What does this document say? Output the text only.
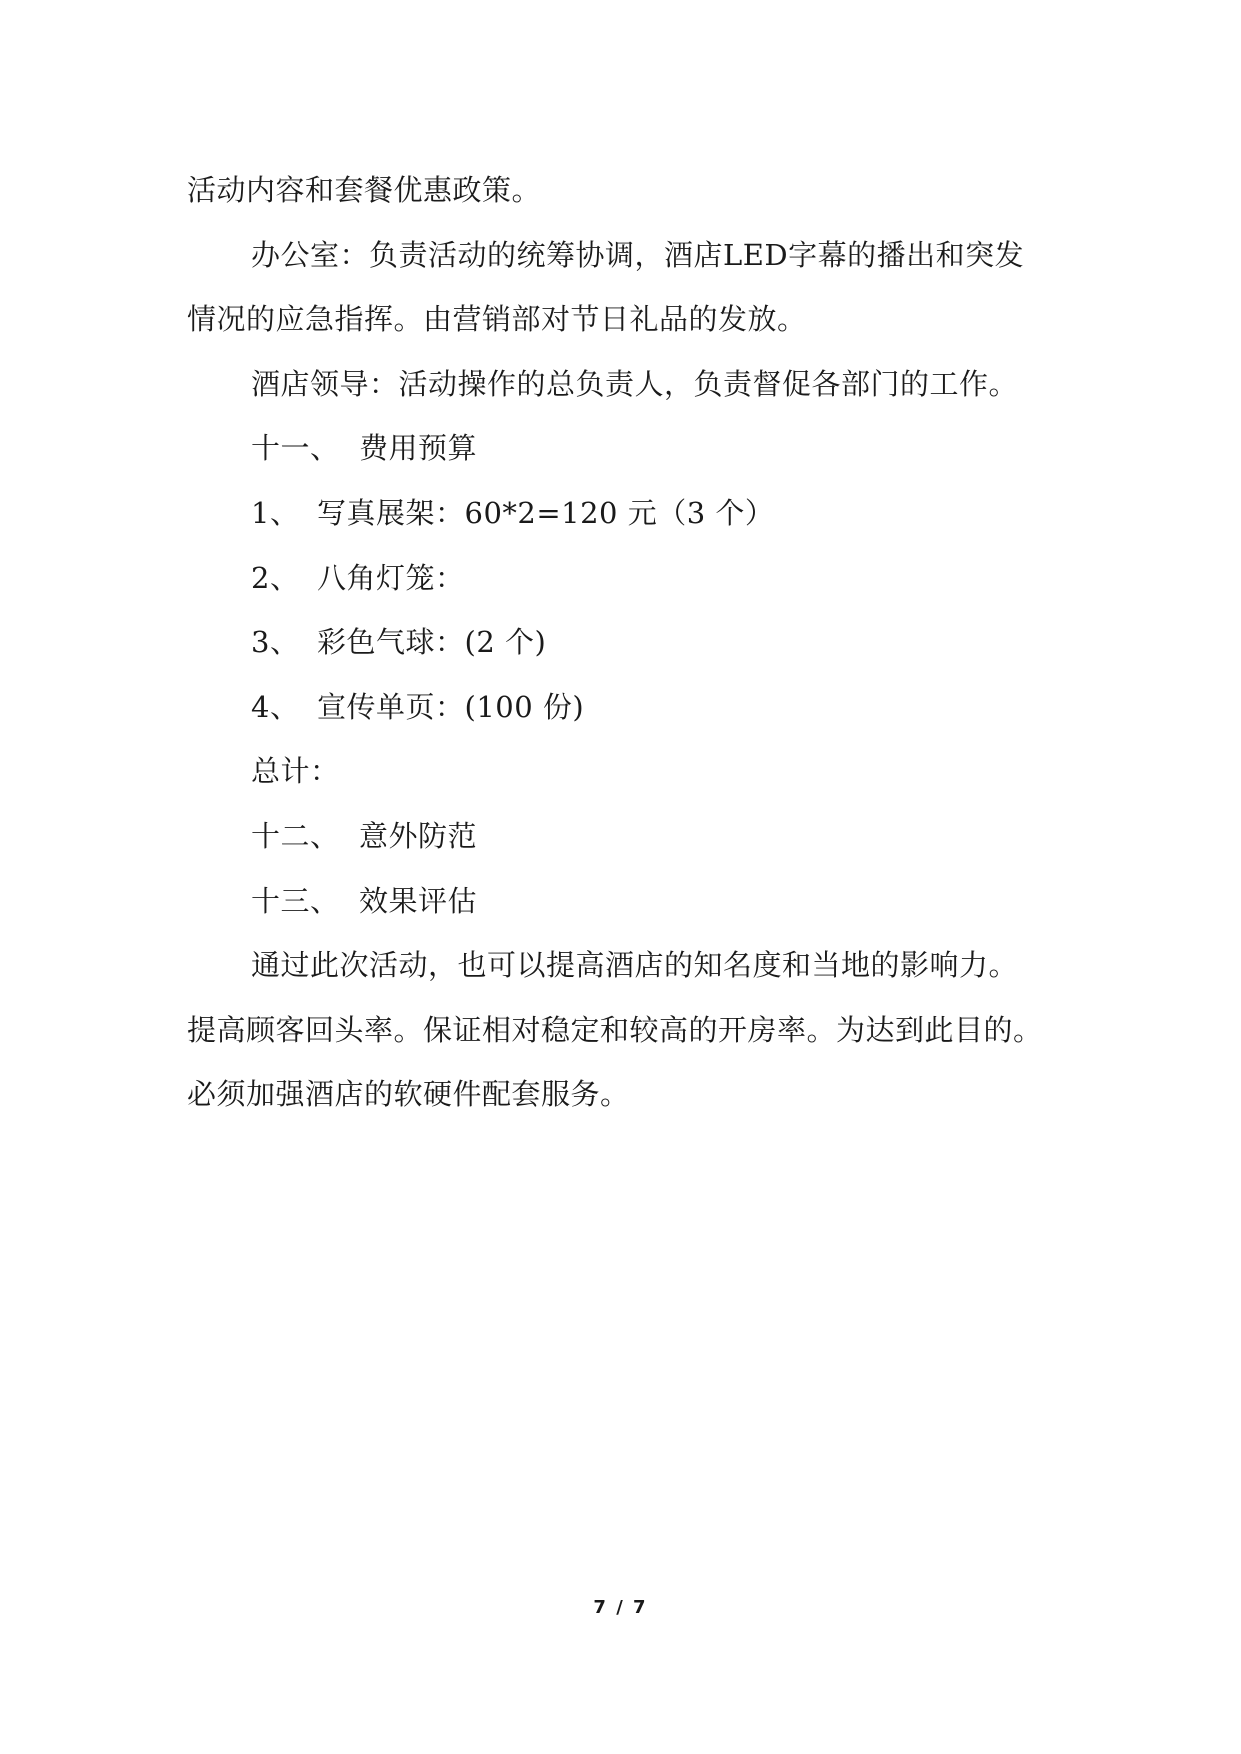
活动内容和套餐优惠政策。
办公室：负责活动的统筹协调，酒店LED字幕的播出和突发
情况的应急指挥。由营销部对节日礼品的发放。
酒店领导：活动操作的总负责人，负责督促各部门的工作。
十一、 费用预算
1、 写真展架：60*2=120 元（3 个）
2、 八角灯笼：
3、 彩色气球：(2 个)
4、 宣传单页：(100 份)
总计：
十二、 意外防范
十三、 效果评估
通过此次活动，也可以提高酒店的知名度和当地的影响力。
提高顾客回头率。保证相对稳定和较高的开房率。为达到此目的。
必须加强酒店的软硬件配套服务。
7 / 7
